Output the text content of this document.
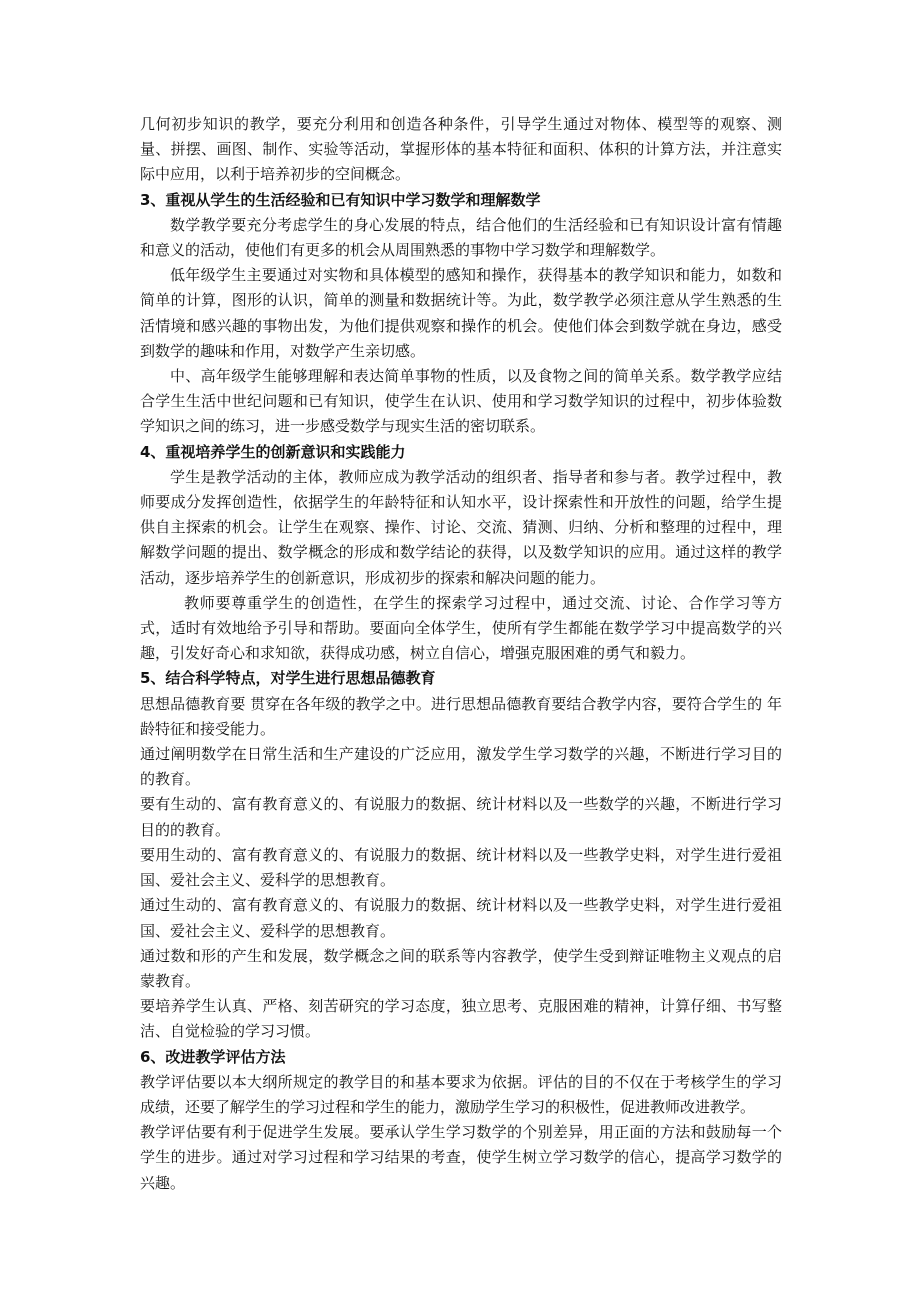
几何初步知识的教学，要充分利用和创造各种条件，引导学生通过对物体、模型等的观察、测量、拼摆、画图、制作、实验等活动，掌握形体的基本特征和面积、体积的计算方法，并注意实际中应用，以利于培养初步的空间概念。

3、重视从学生的生活经验和已有知识中学习数学和理解数学

数学教学要充分考虑学生的身心发展的特点，结合他们的生活经验和已有知识设计富有情趣和意义的活动，使他们有更多的机会从周围熟悉的事物中学习数学和理解数学。

低年级学生主要通过对实物和具体模型的感知和操作，获得基本的教学知识和能力，如数和简单的计算，图形的认识，简单的测量和数据统计等。为此，数学教学必须注意从学生熟悉的生活情境和感兴趣的事物出发，为他们提供观察和操作的机会。使他们体会到数学就在身边，感受到数学的趣味和作用，对数学产生亲切感。

中、高年级学生能够理解和表达简单事物的性质，以及食物之间的简单关系。数学教学应结合学生生活中世纪问题和已有知识，使学生在认识、使用和学习数学知识的过程中，初步体验数学知识之间的练习，进一步感受数学与现实生活的密切联系。

4、重视培养学生的创新意识和实践能力

学生是教学活动的主体，教师应成为教学活动的组织者、指导者和参与者。教学过程中，教师要成分发挥创造性，依据学生的年龄特征和认知水平，设计探索性和开放性的问题，给学生提供自主探索的机会。让学生在观察、操作、讨论、交流、猜测、归纳、分析和整理的过程中，理解数学问题的提出、数学概念的形成和数学结论的获得，以及数学知识的应用。通过这样的教学活动，逐步培养学生的创新意识，形成初步的探索和解决问题的能力。

教师要尊重学生的创造性，在学生的探索学习过程中，通过交流、讨论、合作学习等方式，适时有效地给予引导和帮助。要面向全体学生，使所有学生都能在数学学习中提高数学的兴趣，引发好奇心和求知欲，获得成功感，树立自信心，增强克服困难的勇气和毅力。

5、结合科学特点，对学生进行思想品德教育

思想品德教育要 贯穿在各年级的教学之中。进行思想品德教育要结合教学内容，要符合学生的 年龄特征和接受能力。

通过阐明数学在日常生活和生产建设的广泛应用，激发学生学习数学的兴趣，不断进行学习目的的教育。

要有生动的、富有教育意义的、有说服力的数据、统计材料以及一些数学的兴趣，不断进行学习目的的教育。

要用生动的、富有教育意义的、有说服力的数据、统计材料以及一些教学史料，对学生进行爱祖国、爱社会主义、爱科学的思想教育。

通过生动的、富有教育意义的、有说服力的数据、统计材料以及一些教学史料，对学生进行爱祖国、爱社会主义、爱科学的思想教育。

通过数和形的产生和发展，数学概念之间的联系等内容教学，使学生受到辩证唯物主义观点的启蒙教育。

要培养学生认真、严格、刻苦研究的学习态度，独立思考、克服困难的精神，计算仔细、书写整洁、自觉检验的学习习惯。

6、改进教学评估方法

教学评估要以本大纲所规定的教学目的和基本要求为依据。评估的目的不仅在于考核学生的学习成绩，还要了解学生的学习过程和学生的能力，激励学生学习的积极性，促进教师改进教学。

教学评估要有利于促进学生发展。要承认学生学习数学的个别差异，用正面的方法和鼓励每一个学生的进步。通过对学习过程和学习结果的考查，使学生树立学习数学的信心，提高学习数学的兴趣。
